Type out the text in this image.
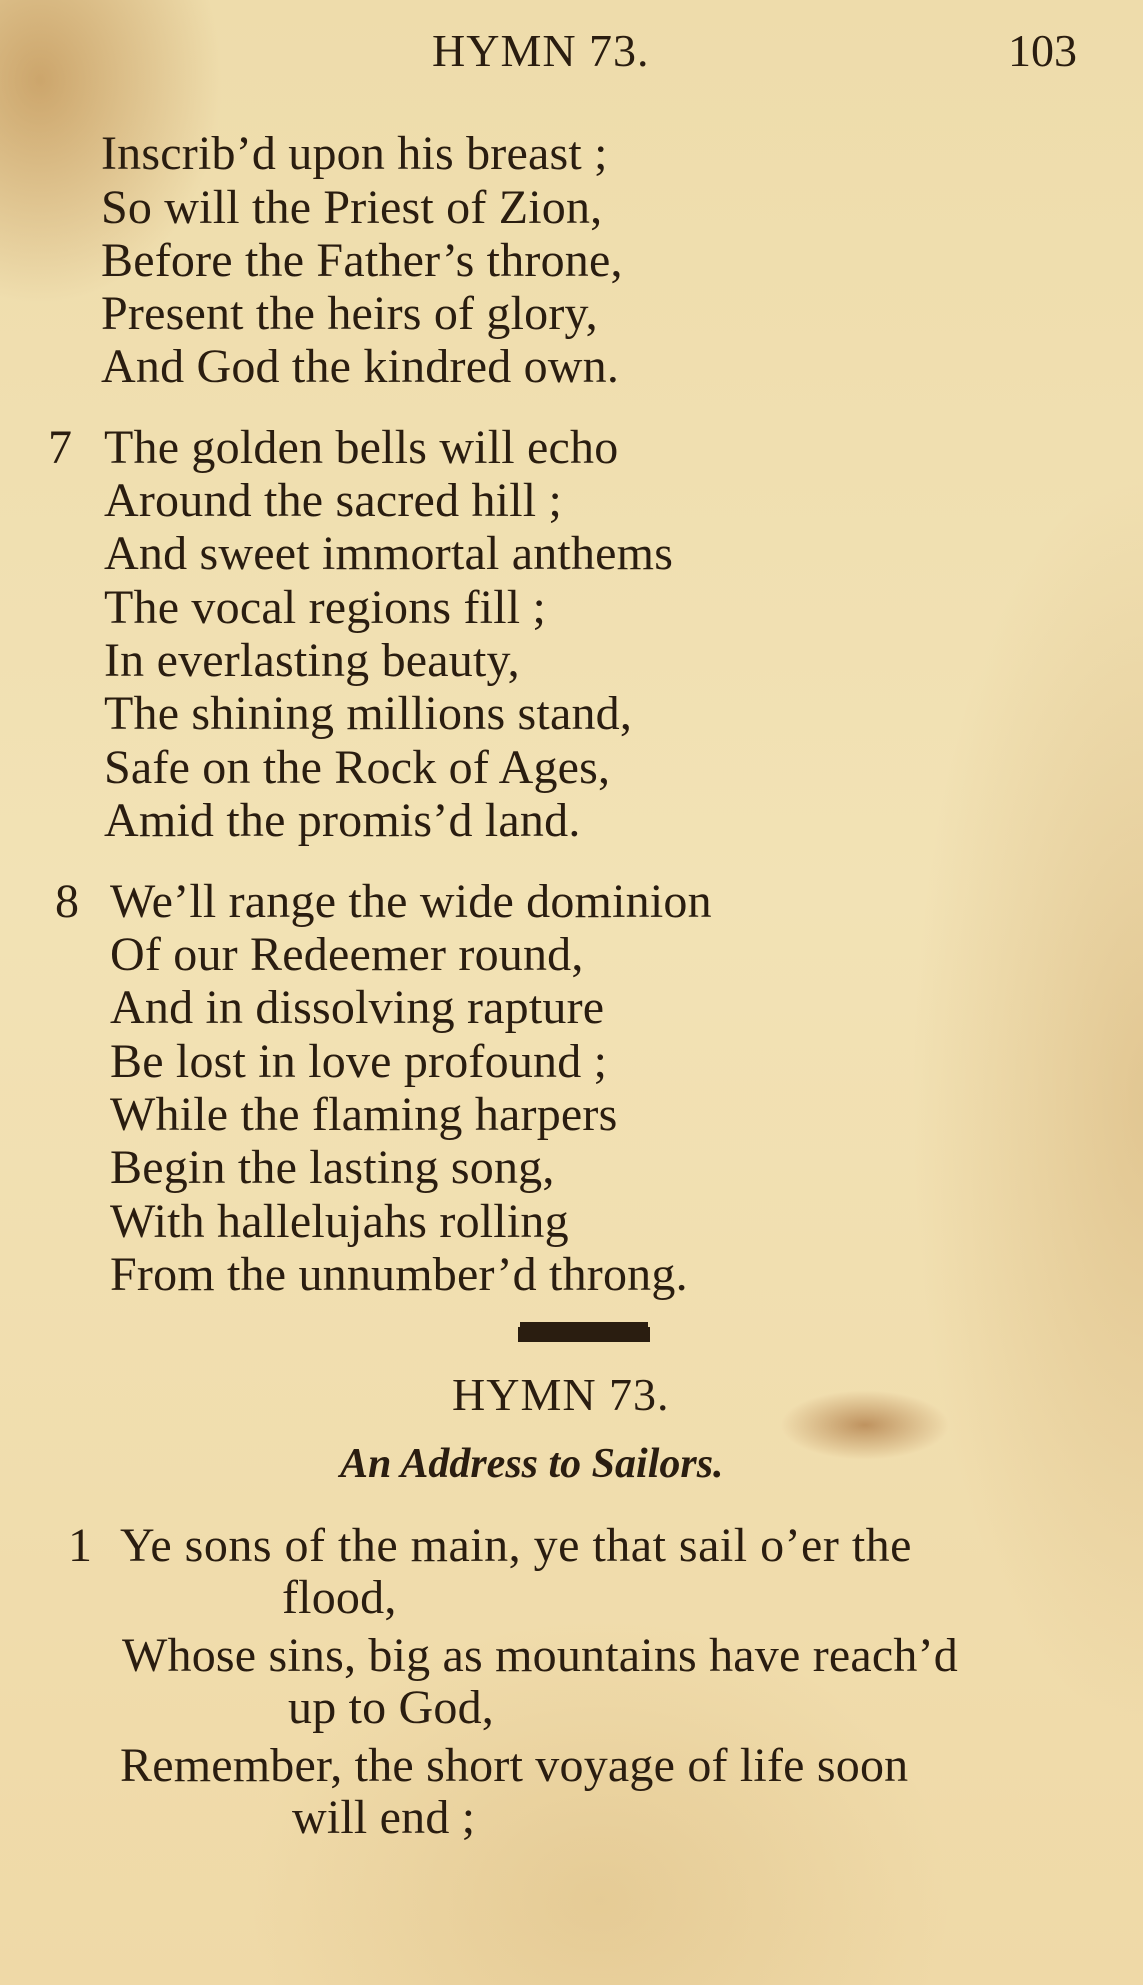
HYMN 73.	103
Inscrib’d upon his breast ;
So will the Priest of Zion,
Before the Father’s throne,
Present the heirs of glory,
And God the kindred own.
7 The golden bells will echo
Around the sacred hill ;
And sweet immortal anthems
The vocal regions fill ;
In everlasting beauty,
The shining millions stand,
Safe on the Rock of Ages,
Amid the promis’d land.
8 We’ll range the wide dominion
Of our Redeemer round,
And in dissolving rapture
Be lost in love profound ;
While the flaming harpers
Begin the lasting song,
With hallelujahs rolling
From the unnumber’d throng.
HYMN 73.
An Address to Sailors.
1 Ye sons of the main, ye that sail o’er the
flood,
Whose sins, big as mountains have reach’d
up to God,
Remember, the short voyage of life soon
will end ;
